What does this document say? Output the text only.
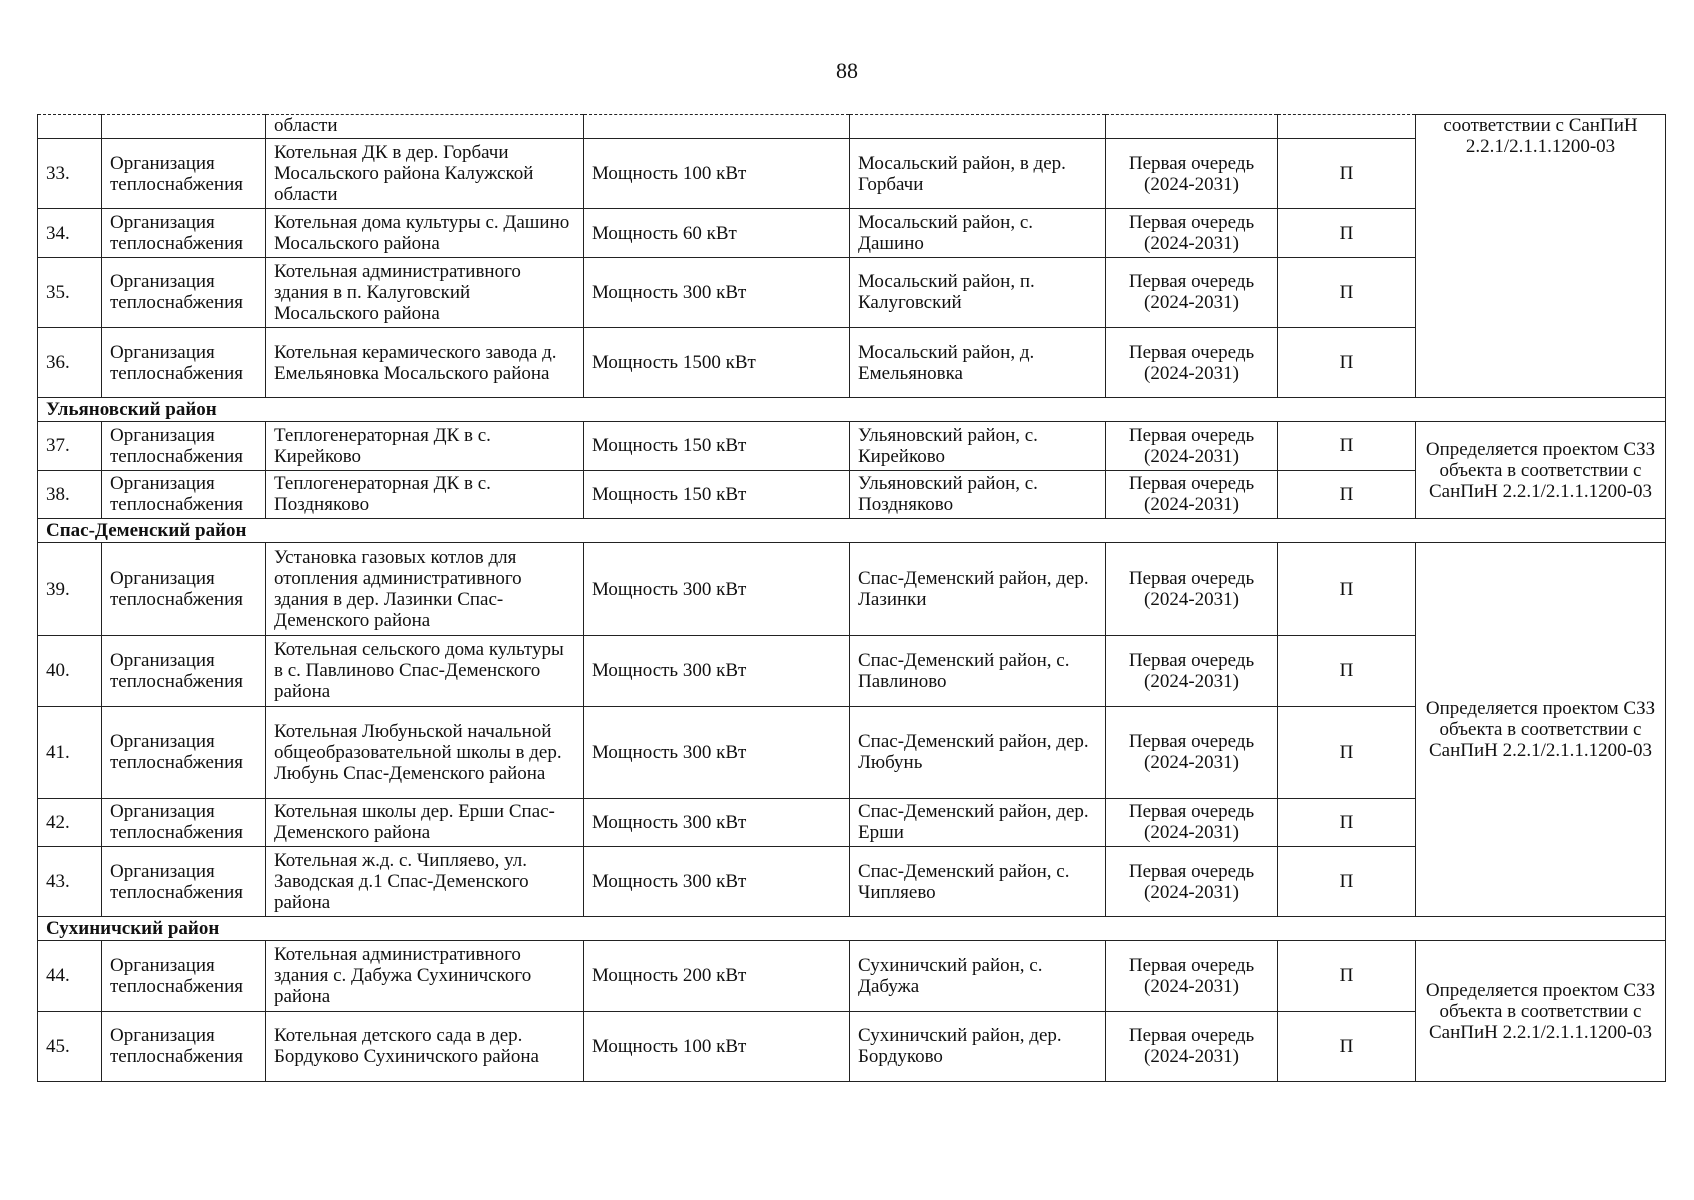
88
		области					соответствии с СанПиН 2.2.1/2.1.1.1200-03
33.	Организация теплоснабжения	Котельная ДК в дер. Горбачи Мосальского района Калужской области	Мощность 100 кВт	Мосальский район, в дер. Горбачи	Первая очередь (2024-2031)	П	
34.	Организация теплоснабжения	Котельная дома культуры с. Дашино Мосальского района	Мощность 60 кВт	Мосальский район, с. Дашино	Первая очередь (2024-2031)	П	
35.	Организация теплоснабжения	Котельная административного здания в п. Калуговский Мосальского района	Мощность 300 кВт	Мосальский район, п. Калуговский	Первая очередь (2024-2031)	П	
36.	Организация теплоснабжения	Котельная керамического завода д. Емельяновка Мосальского района	Мощность 1500 кВт	Мосальский район, д. Емельяновка	Первая очередь (2024-2031)	П	
Ульяновский район							
37.	Организация теплоснабжения	Теплогенераторная ДК в с. Кирейково	Мощность 150 кВт	Ульяновский район, с. Кирейково	Первая очередь (2024-2031)	П	Определяется проектом СЗЗ объекта в соответствии с СанПиН 2.2.1/2.1.1.1200-03
38.	Организация теплоснабжения	Теплогенераторная ДК в с. Поздняково	Мощность 150 кВт	Ульяновский район, с. Поздняково	Первая очередь (2024-2031)	П	
Спас-Деменский район							
39.	Организация теплоснабжения	Установка газовых котлов для отопления административного здания в дер. Лазинки Спас-Деменского района	Мощность 300 кВт	Спас-Деменский район, дер. Лазинки	Первая очередь (2024-2031)	П	Определяется проектом СЗЗ объекта в соответствии с СанПиН 2.2.1/2.1.1.1200-03
40.	Организация теплоснабжения	Котельная сельского дома культуры в с. Павлиново Спас-Деменского района	Мощность 300 кВт	Спас-Деменский район, с. Павлиново	Первая очередь (2024-2031)	П	
41.	Организация теплоснабжения	Котельная Любуньской начальной общеобразовательной школы в дер. Любунь Спас-Деменского района	Мощность 300 кВт	Спас-Деменский район, дер. Любунь	Первая очередь (2024-2031)	П	
42.	Организация теплоснабжения	Котельная школы дер. Ерши Спас-Деменского района	Мощность 300 кВт	Спас-Деменский район, дер. Ерши	Первая очередь (2024-2031)	П	
43.	Организация теплоснабжения	Котельная ж.д. с. Чипляево, ул. Заводская д.1 Спас-Деменского района	Мощность 300 кВт	Спас-Деменский район, с. Чипляево	Первая очередь (2024-2031)	П	
Сухиничский район							
44.	Организация теплоснабжения	Котельная административного здания с. Дабужа Сухиничского района	Мощность 200 кВт	Сухиничский район, с. Дабужа	Первая очередь (2024-2031)	П	Определяется проектом СЗЗ объекта в соответствии с СанПиН 2.2.1/2.1.1.1200-03
45.	Организация теплоснабжения	Котельная детского сада в дер. Бордуково Сухиничского района	Мощность 100 кВт	Сухиничский район, дер. Бордуково	Первая очередь (2024-2031)	П	
